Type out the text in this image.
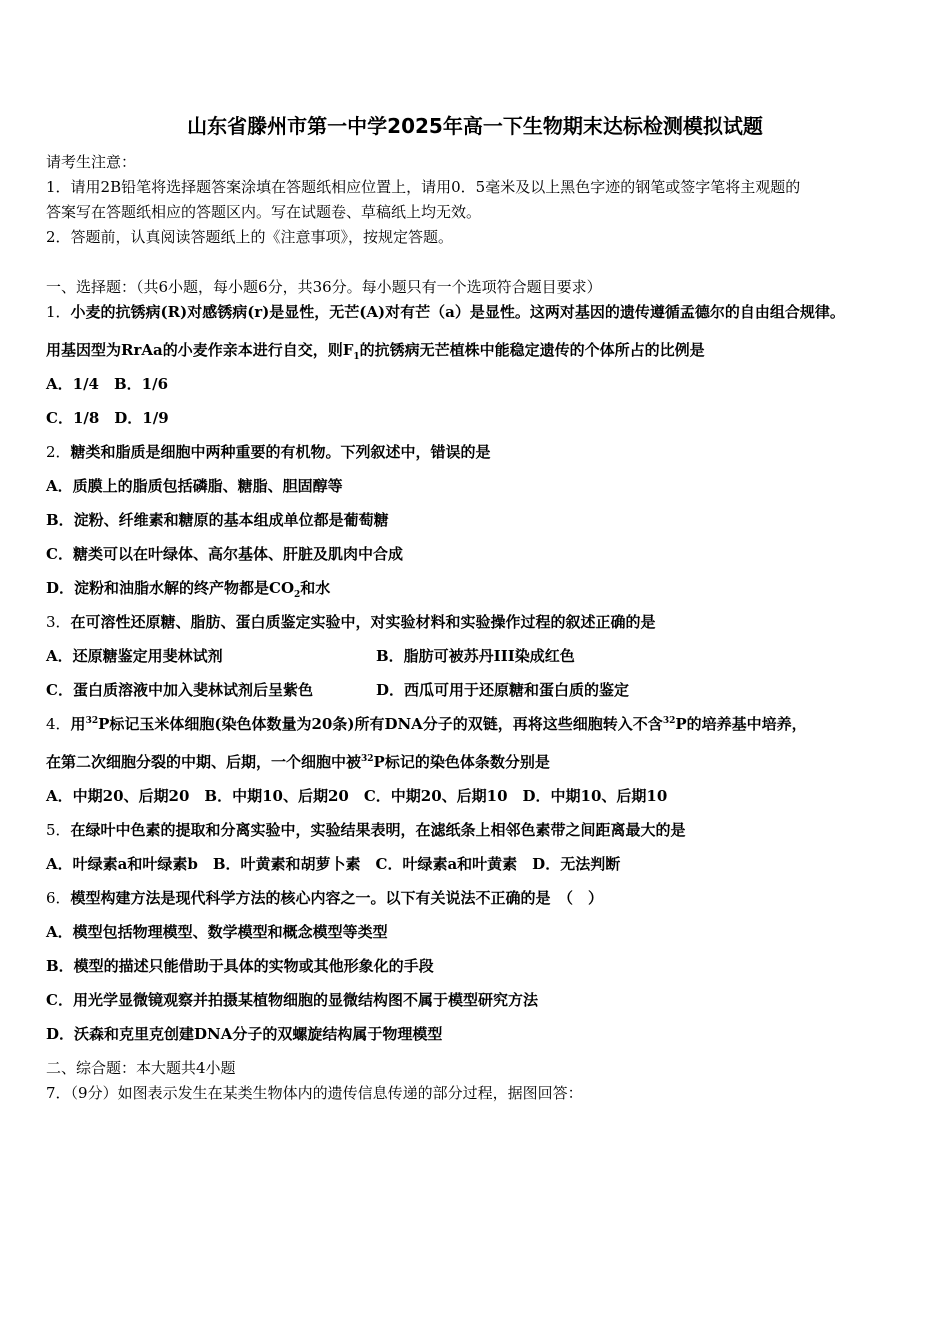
山东省滕州市第一中学2025年高一下生物期末达标检测模拟试题
请考生注意：
1．请用2B铅笔将选择题答案涂填在答题纸相应位置上，请用0．5毫米及以上黑色字迹的钢笔或签字笔将主观题的
答案写在答题纸相应的答题区内。写在试题卷、草稿纸上均无效。
2．答题前，认真阅读答题纸上的《注意事项》，按规定答题。
一、选择题：（共6小题，每小题6分，共36分。每小题只有一个选项符合题目要求）
1．小麦的抗锈病(R)对感锈病(r)是显性，无芒(A)对有芒（a）是显性。这两对基因的遗传遵循孟德尔的自由组合规律。
用基因型为RrAa的小麦作亲本进行自交，则$F_1$的抗锈病无芒植株中能稳定遗传的个体所占的比例是
A．1/4　B．1/6
C．1/8　D．1/9
2．糖类和脂质是细胞中两种重要的有机物。下列叙述中，错误的是
A．质膜上的脂质包括磷脂、糖脂、胆固醇等
B．淀粉、纤维素和糖原的基本组成单位都是葡萄糖
C．糖类可以在叶绿体、高尔基体、肝脏及肌肉中合成
D．淀粉和油脂水解的终产物都是$CO_2$和水
3．在可溶性还原糖、脂肪、蛋白质鉴定实验中，对实验材料和实验操作过程的叙述正确的是
A．还原糖鉴定用斐林试剂	B．脂肪可被苏丹III染成红色
C．蛋白质溶液中加入斐林试剂后呈紫色	D．西瓜可用于还原糖和蛋白质的鉴定
4．用$^{32}$P标记玉米体细胞(染色体数量为20条)所有DNA分子的双链，再将这些细胞转入不含$^{32}$P的培养基中培养，
在第二次细胞分裂的中期、后期，一个细胞中被$^{32}$P标记的染色体条数分别是
A．中期20、后期20　B．中期10、后期20　C．中期20、后期10　D．中期10、后期10
5．在绿叶中色素的提取和分离实验中，实验结果表明，在滤纸条上相邻色素带之间距离最大的是
A．叶绿素a和叶绿素b　B．叶黄素和胡萝卜素　C．叶绿素a和叶黄素　D．无法判断
6．模型构建方法是现代科学方法的核心内容之一。以下有关说法不正确的是　（　）
A．模型包括物理模型、数学模型和概念模型等类型
B．模型的描述只能借助于具体的实物或其他形象化的手段
C．用光学显微镜观察并拍摄某植物细胞的显微结构图不属于模型研究方法
D．沃森和克里克创建DNA分子的双螺旋结构属于物理模型
二、综合题：本大题共4小题
7．（9分）如图表示发生在某类生物体内的遗传信息传递的部分过程，据图回答：
